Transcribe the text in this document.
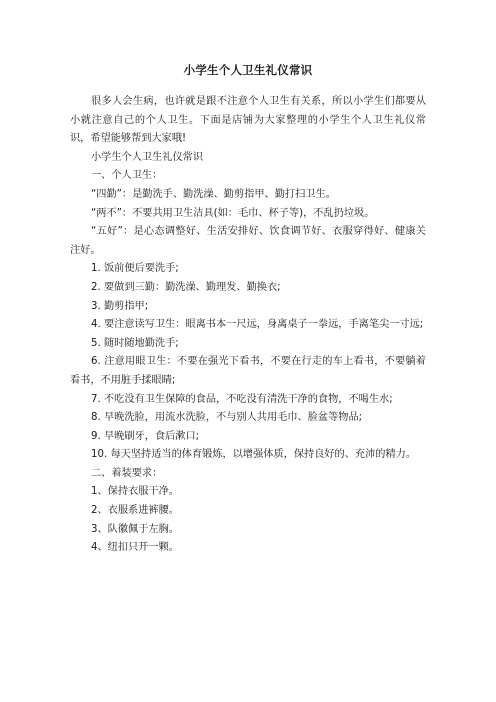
小学生个人卫生礼仪常识

很多人会生病，也许就是跟不注意个人卫生有关系，所以小学生们都要从小就注意自己的个人卫生。下面是店铺为大家整理的小学生个人卫生礼仪常识，希望能够帮到大家哦!

小学生个人卫生礼仪常识

一、个人卫生：

“四勤”：是勤洗手、勤洗澡、勤剪指甲、勤打扫卫生。

“两不”：不要共用卫生洁具(如：毛巾、杯子等)，不乱扔垃圾。

“五好”：是心态调整好、生活安排好、饮食调节好、衣服穿得好、健康关注好。

1. 饭前便后要洗手;

2. 要做到三勤：勤洗澡、勤理发、勤换衣;

3. 勤剪指甲;

4. 要注意读写卫生：眼离书本一尺远，身离桌子一拳远，手离笔尖一寸远;

5. 随时随地勤洗手;

6. 注意用眼卫生：不要在强光下看书，不要在行走的车上看书，不要躺着看书，不用脏手揉眼睛;

7. 不吃没有卫生保障的食品，不吃没有清洗干净的食物，不喝生水;

8. 早晚洗脸，用流水洗脸，不与别人共用毛巾、脸盆等物品;

9. 早晚刷牙，食后漱口;

10. 每天坚持适当的体育锻炼，以增强体质，保持良好的、充沛的精力。

二、着装要求：

1、保持衣服干净。

2、衣服系进裤腰。

3、队徽佩于左胸。

4、纽扣只开一颗。
